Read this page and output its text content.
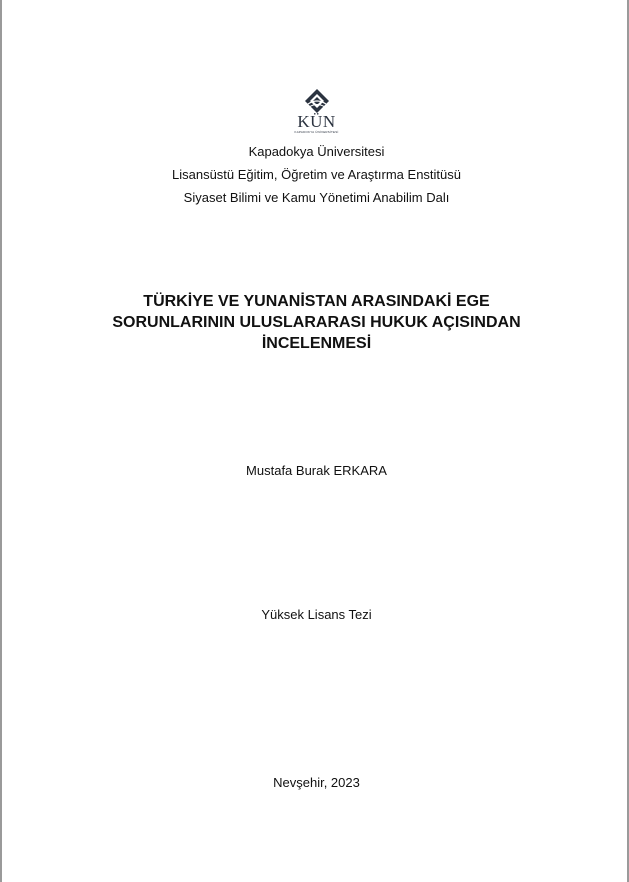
KÜN
KAPADOKYA ÜNİVERSİTESİ
Kapadokya Üniversitesi
Lisansüstü Eğitim, Öğretim ve Araştırma Enstitüsü
Siyaset Bilimi ve Kamu Yönetimi Anabilim Dalı
TÜRKİYE VE YUNANİSTAN ARASINDAKİ EGE
SORUNLARININ ULUSLARARASI HUKUK AÇISINDAN
İNCELENMESİ
Mustafa Burak ERKARA
Yüksek Lisans Tezi
Nevşehir, 2023
